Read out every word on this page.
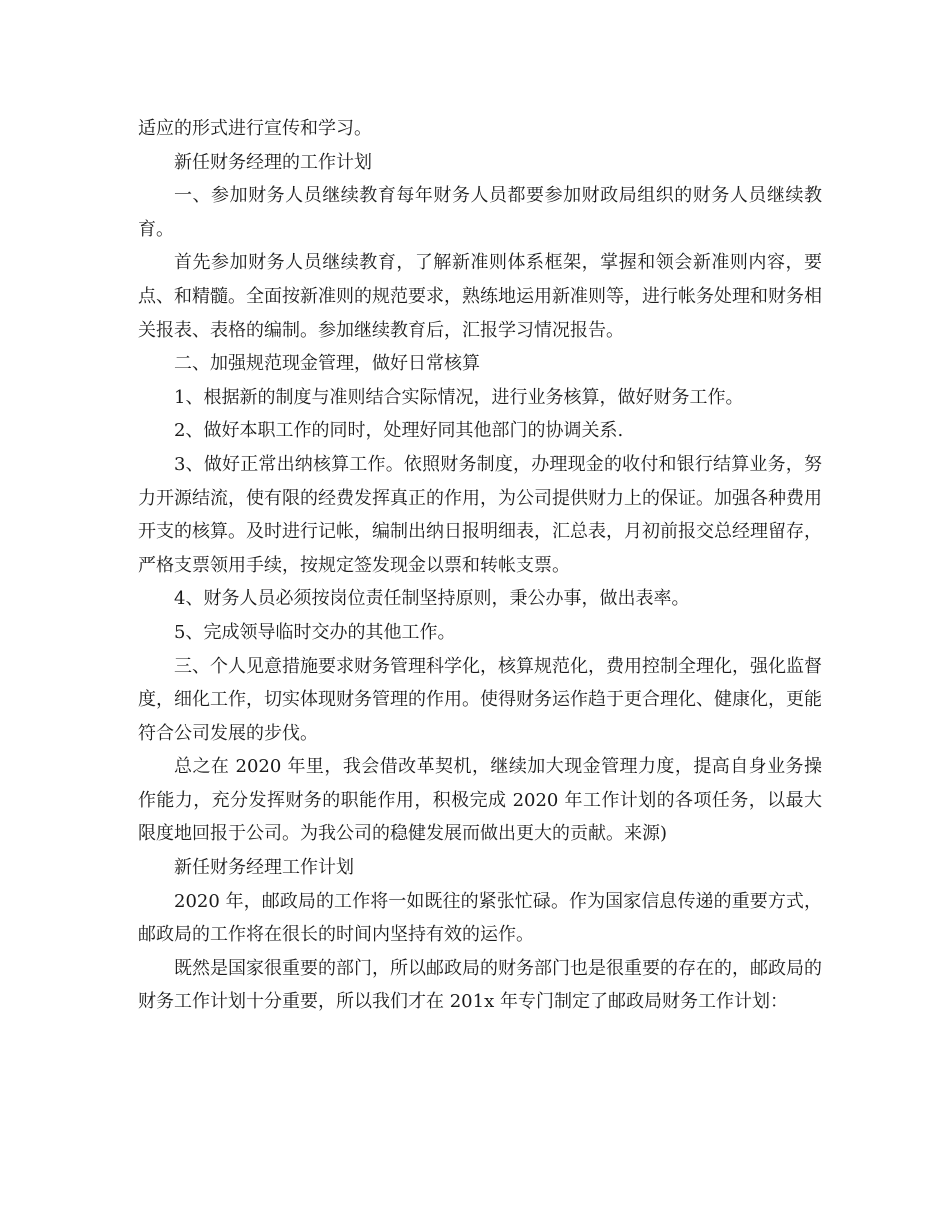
适应的形式进行宣传和学习。

新任财务经理的工作计划

一、参加财务人员继续教育每年财务人员都要参加财政局组织的财务人员继续教育。

首先参加财务人员继续教育，了解新准则体系框架，掌握和领会新准则内容，要点、和精髓。全面按新准则的规范要求，熟练地运用新准则等，进行帐务处理和财务相关报表、表格的编制。参加继续教育后，汇报学习情况报告。

二、加强规范现金管理，做好日常核算

1、根据新的制度与准则结合实际情况，进行业务核算，做好财务工作。

2、做好本职工作的同时，处理好同其他部门的协调关系.

3、做好正常出纳核算工作。依照财务制度，办理现金的收付和银行结算业务，努力开源结流，使有限的经费发挥真正的作用，为公司提供财力上的保证。加强各种费用开支的核算。及时进行记帐，编制出纳日报明细表，汇总表，月初前报交总经理留存，严格支票领用手续，按规定签发现金以票和转帐支票。

4、财务人员必须按岗位责任制坚持原则，秉公办事，做出表率。

5、完成领导临时交办的其他工作。

三、个人见意措施要求财务管理科学化，核算规范化，费用控制全理化，强化监督度，细化工作，切实体现财务管理的作用。使得财务运作趋于更合理化、健康化，更能符合公司发展的步伐。

总之在 2020 年里，我会借改革契机，继续加大现金管理力度，提高自身业务操作能力，充分发挥财务的职能作用，积极完成 2020 年工作计划的各项任务，以最大限度地回报于公司。为我公司的稳健发展而做出更大的贡献。来源)

新任财务经理工作计划

2020 年，邮政局的工作将一如既往的紧张忙碌。作为国家信息传递的重要方式，邮政局的工作将在很长的时间内坚持有效的运作。

既然是国家很重要的部门，所以邮政局的财务部门也是很重要的存在的，邮政局的财务工作计划十分重要，所以我们才在 201x 年专门制定了邮政局财务工作计划：
